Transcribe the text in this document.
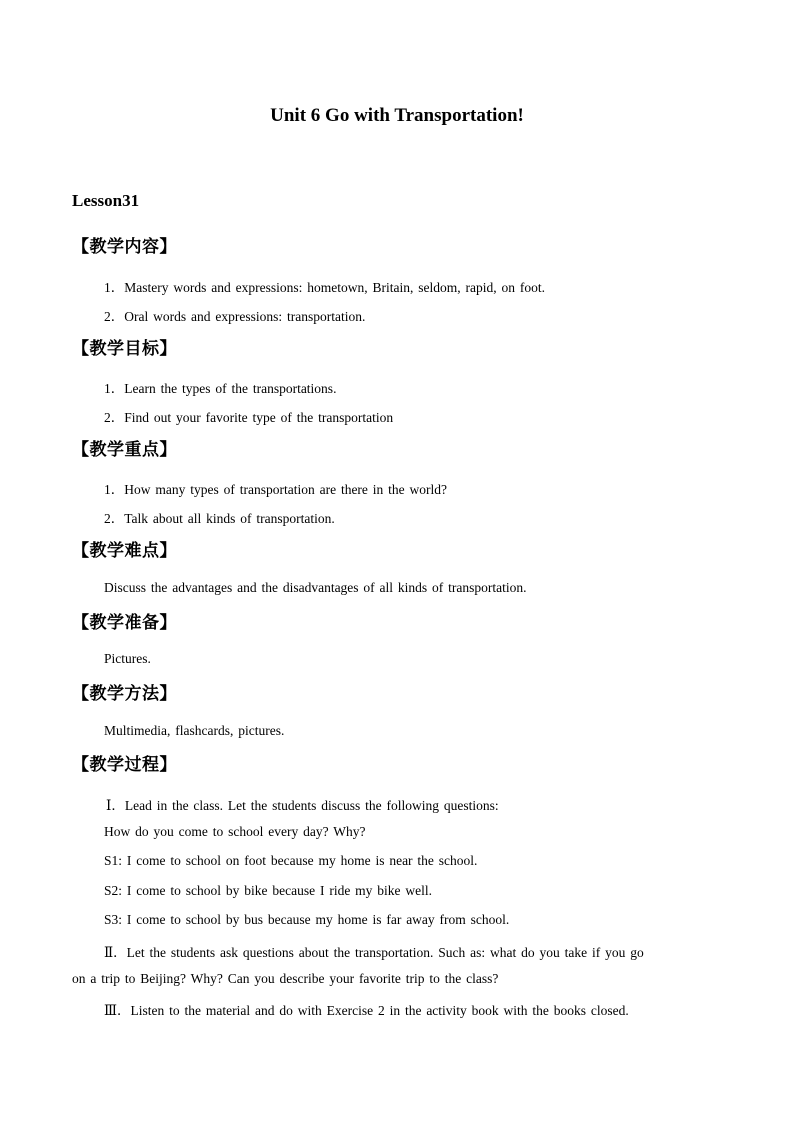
Unit 6 Go with Transportation!
Lesson31
【教学内容】

1．Mastery words and expressions: hometown, Britain, seldom, rapid, on foot.

2．Oral words and expressions: transportation.

【教学目标】

1．Learn the types of the transportations.

2．Find out your favorite type of the transportation

【教学重点】

1．How many types of transportation are there in the world?

2．Talk about all kinds of transportation.

【教学难点】

Discuss the advantages and the disadvantages of all kinds of transportation.

【教学准备】

Pictures.

【教学方法】

Multimedia, flashcards, pictures.

【教学过程】

Ⅰ．Lead in the class. Let the students discuss the following questions:

How do you come to school every day? Why?

S1: I come to school on foot because my home is near the school.

S2: I come to school by bike because I ride my bike well.

S3: I come to school by bus because my home is far away from school.

Ⅱ．Let the students ask questions about the transportation. Such as: what do you take if you go

on a trip to Beijing? Why? Can you describe your favorite trip to the class?

Ⅲ．Listen to the material and do with Exercise 2 in the activity book with the books closed.
